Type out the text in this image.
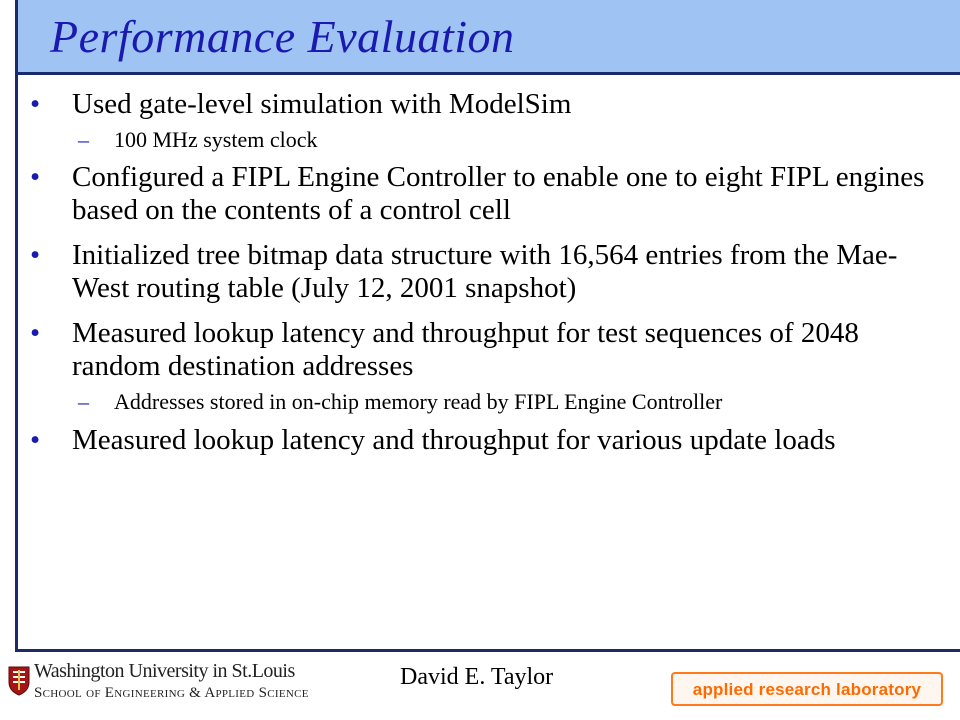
Performance Evaluation
• Used gate-level simulation with ModelSim
– 100 MHz system clock
• Configured a FIPL Engine Controller to enable one to eight FIPL engines based on the contents of a control cell
• Initialized tree bitmap data structure with 16,564 entries from the Mae-West routing table (July 12, 2001 snapshot)
• Measured lookup latency and throughput for test sequences of 2048 random destination addresses
– Addresses stored in on-chip memory read by FIPL Engine Controller
• Measured lookup latency and throughput for various update loads
Washington University in St.Louis
School of Engineering & Applied Science
David E. Taylor	applied research laboratory
